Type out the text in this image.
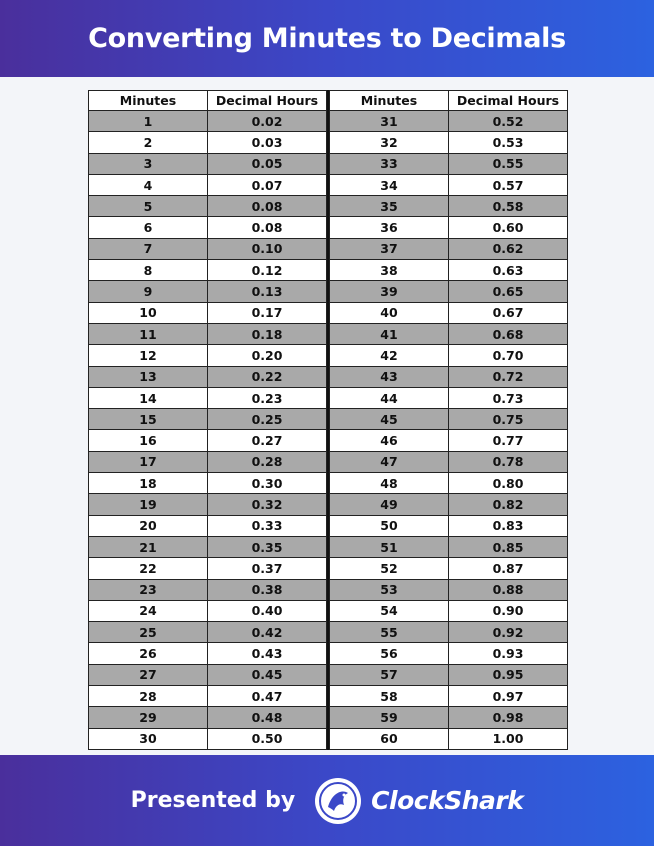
Converting Minutes to Decimals
Minutes	Decimal Hours
1	0.02
2	0.03
3	0.05
4	0.07
5	0.08
6	0.08
7	0.10
8	0.12
9	0.13
10	0.17
11	0.18
12	0.20
13	0.22
14	0.23
15	0.25
16	0.27
17	0.28
18	0.30
19	0.32
20	0.33
21	0.35
22	0.37
23	0.38
24	0.40
25	0.42
26	0.43
27	0.45
28	0.47
29	0.48
30	0.50
Minutes	Decimal Hours
31	0.52
32	0.53
33	0.55
34	0.57
35	0.58
36	0.60
37	0.62
38	0.63
39	0.65
40	0.67
41	0.68
42	0.70
43	0.72
44	0.73
45	0.75
46	0.77
47	0.78
48	0.80
49	0.82
50	0.83
51	0.85
52	0.87
53	0.88
54	0.90
55	0.92
56	0.93
57	0.95
58	0.97
59	0.98
60	1.00
Presented by	ClockShark
